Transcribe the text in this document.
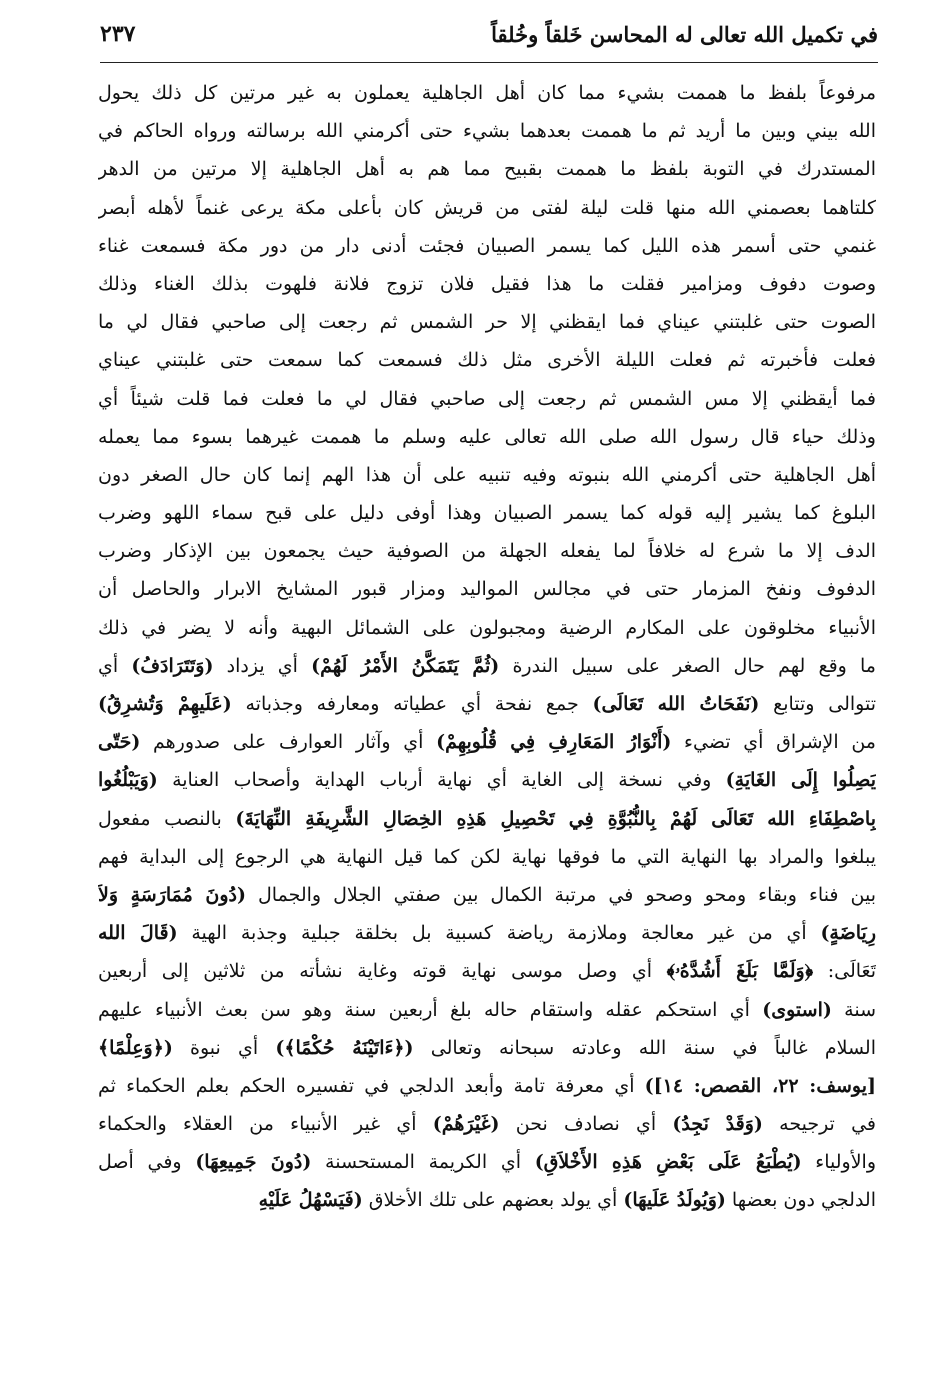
في تكميل الله تعالى له المحاسن خَلقاً وخُلقاً
٢٣٧
مرفوعاً بلفظ ما هممت بشيء مما كان أهل الجاهلية يعملون به غير مرتين كل ذلك يحول
الله بيني وبين ما أريد ثم ما هممت بعدهما بشيء حتى أكرمني الله برسالته ورواه الحاكم في
المستدرك في التوبة بلفظ ما هممت بقبيح مما هم به أهل الجاهلية إلا مرتين من الدهر
كلتاهما بعصمني الله منها قلت ليلة لفتى من قريش كان بأعلى مكة يرعى غنماً لأهله أبصر
غنمي حتى أسمر هذه الليل كما يسمر الصبيان فجئت أدنى دار من دور مكة فسمعت غناء
وصوت دفوف ومزامير فقلت ما هذا فقيل فلان تزوج فلانة فلهوت بذلك الغناء وذلك
الصوت حتى غلبتني عيناي فما ايقظني إلا حر الشمس ثم رجعت إلى صاحبي فقال لي ما
فعلت فأخبرته ثم فعلت الليلة الأخرى مثل ذلك فسمعت كما سمعت حتى غلبتني عيناي
فما أيقظني إلا مس الشمس ثم رجعت إلى صاحبي فقال لي ما فعلت فما قلت شيئاً أي
وذلك حياء قال رسول الله صلى الله تعالى عليه وسلم ما هممت غيرهما بسوء مما يعمله
أهل الجاهلية حتى أكرمني الله بنبوته وفيه تنبيه على أن هذا الهم إنما كان حال الصغر دون
البلوغ كما يشير إليه قوله كما يسمر الصبيان وهذا أوفى دليل على قبح سماء اللهو وضرب
الدف إلا ما شرع له خلافاً لما يفعله الجهلة من الصوفية حيث يجمعون بين الإذكار وضرب
الدفوف ونفخ المزمار حتى في مجالس المواليد ومزار قبور المشايخ الابرار والحاصل أن
الأنبياء مخلوقون على المكارم الرضية ومجبولون على الشمائل البهية وأنه لا يضر في ذلك
ما وقع لهم حال الصغر على سبيل الندرة (ثُمَّ يَتَمَكَّنُ الأَمْرُ لَهُمْ) أي يزداد (وَتَتَرَادَفُ) أي
تتوالى وتتابع (نَفَحَاتُ الله تَعَالَى) جمع نفحة أي عطياته ومعارفه وجذباته (عَلَيهِمْ وَتُشرِقُ)
من الإشراق أي تضيء (أَنْوَارُ المَعَارِفِ فِي قُلُوبِهِمْ) أي وآثار العوارف على صدورهم (حَتّى
يَصِلُوا إِلَى الغَايَةِ) وفي نسخة إلى الغاية أي نهاية أرباب الهداية وأصحاب العناية (وَيَبْلُغُوا
بِاصْطِفَاءِ الله تَعَالَى لَهُمْ بِالنُّبُوَّةِ فِي تَحْصِيلِ هَذِهِ الخِصَالِ الشَّرِيفَةِ النِّهَايَةَ) بالنصب مفعول
يبلغوا والمراد بها النهاية التي ما فوقها نهاية لكن كما قيل النهاية هي الرجوع إلى البداية فهم
بين فناء وبقاء ومحو وصحو في مرتبة الكمال بين صفتي الجلال والجمال (دُونَ مُمَارَسَةٍ وَلاَ
رِيَاضَةٍ) أي من غير معالجة وملازمة رياضة كسبية بل بخلقة جبلية وجذبة الهية (قَالَ الله
تَعَالَى: ﴿وَلَمَّا بَلَغَ أَشُدَّهُۥ﴾ أي وصل موسى نهاية قوته وغاية نشأته من ثلاثين إلى أربعين
سنة (استوى) أي استحكم عقله واستقام حاله بلغ أربعين سنة وهو سن بعث الأنبياء عليهم
السلام غالباً في سنة الله وعادته سبحانه وتعالى (﴿ءَاتَيْنَهُ حُكْمًا﴾) أي نبوة (﴿وَعِلْمًا﴾
[يوسف: ٢٢، القصص: ١٤]) أي معرفة تامة وأبعد الدلجي في تفسيره الحكم بعلم الحكماء ثم
في ترجيحه (وَقَدْ نَجِدُ) أي نصادف نحن (غَيْرَهُمْ) أي غير الأنبياء من العقلاء والحكماء
والأولياء (يُطْبَعُ عَلَى بَعْضِ هَذِهِ الأَخْلاَقِ) أي الكريمة المستحسنة (دُونَ جَمِيعِهَا) وفي أصل
الدلجي دون بعضها (وَيُولَدُ عَلَيهَا) أي يولد بعضهم على تلك الأخلاق (فَيَسْهُلُ عَلَيْهِ
